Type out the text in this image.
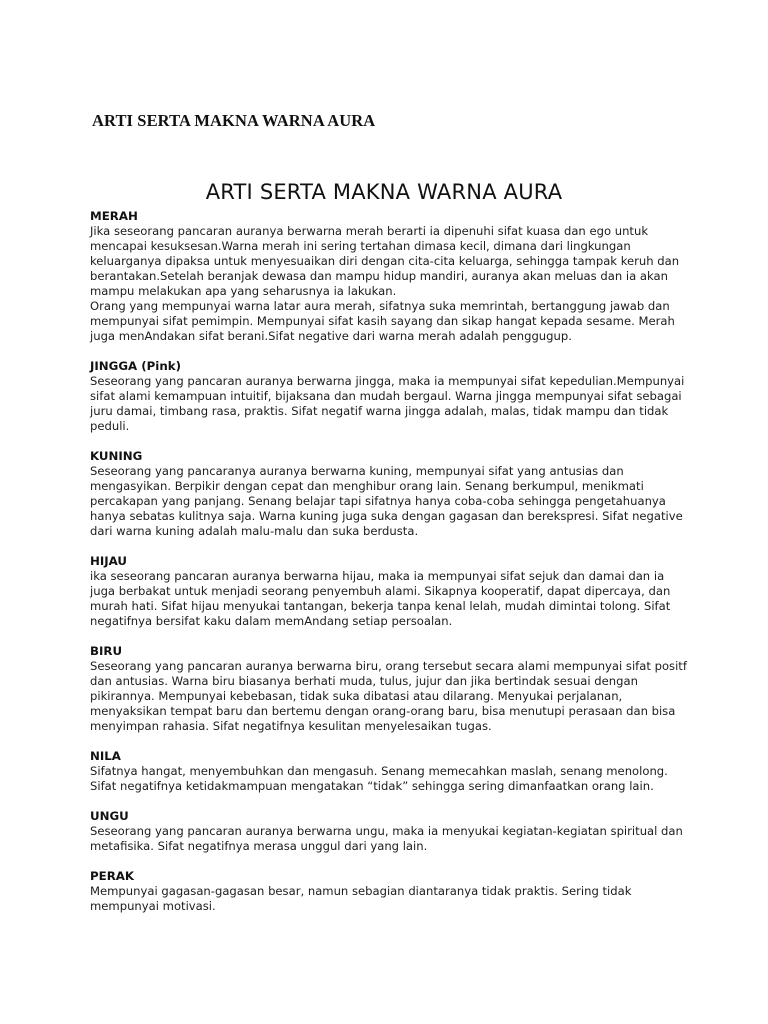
ARTI SERTA MAKNA WARNA AURA
ARTI SERTA MAKNA WARNA AURA

MERAH

Jika seseorang pancaran auranya berwarna merah berarti ia dipenuhi sifat kuasa dan ego untuk mencapai kesuksesan.Warna merah ini sering tertahan dimasa kecil, dimana dari lingkungan keluarganya dipaksa untuk menyesuaikan diri dengan cita-cita keluarga, sehingga tampak keruh dan berantakan.Setelah beranjak dewasa dan mampu hidup mandiri, auranya akan meluas dan ia akan mampu melakukan apa yang seharusnya ia lakukan.

Orang yang mempunyai warna latar aura merah, sifatnya suka memrintah, bertanggung jawab dan mempunyai sifat pemimpin. Mempunyai sifat kasih sayang dan sikap hangat kepada sesame. Merah juga menAndakan sifat berani.Sifat negative dari warna merah adalah penggugup.

JINGGA (Pink)

Seseorang yang pancaran auranya berwarna jingga, maka ia mempunyai sifat kepedulian.Mempunyai sifat alami kemampuan intuitif, bijaksana dan mudah bergaul. Warna jingga mempunyai sifat sebagai juru damai, timbang rasa, praktis. Sifat negatif warna jingga adalah, malas, tidak mampu dan tidak peduli.

KUNING

Seseorang yang pancaranya auranya berwarna kuning, mempunyai sifat yang antusias dan mengasyikan. Berpikir dengan cepat dan menghibur orang lain. Senang berkumpul, menikmati percakapan yang panjang. Senang belajar tapi sifatnya hanya coba-coba sehingga pengetahuanya hanya sebatas kulitnya saja. Warna kuning juga suka dengan gagasan dan berekspresi. Sifat negative dari warna kuning adalah malu-malu dan suka berdusta.

HIJAU

ika seseorang pancaran auranya berwarna hijau, maka ia mempunyai sifat sejuk dan damai dan ia juga berbakat untuk menjadi seorang penyembuh alami. Sikapnya kooperatif, dapat dipercaya, dan murah hati. Sifat hijau menyukai tantangan, bekerja tanpa kenal lelah, mudah dimintai tolong. Sifat negatifnya bersifat kaku dalam memAndang setiap persoalan.

BIRU

Seseorang yang pancaran auranya berwarna biru, orang tersebut secara alami mempunyai sifat positf dan antusias. Warna biru biasanya berhati muda, tulus, jujur dan jika bertindak sesuai dengan pikirannya. Mempunyai kebebasan, tidak suka dibatasi atau dilarang. Menyukai perjalanan, menyaksikan tempat baru dan bertemu dengan orang-orang baru, bisa menutupi perasaan dan bisa menyimpan rahasia. Sifat negatifnya kesulitan menyelesaikan tugas.

NILA

Sifatnya hangat, menyembuhkan dan mengasuh. Senang memecahkan maslah, senang menolong. Sifat negatifnya ketidakmampuan mengatakan “tidak” sehingga sering dimanfaatkan orang lain.

UNGU

Seseorang yang pancaran auranya berwarna ungu, maka ia menyukai kegiatan-kegiatan spiritual dan metafisika. Sifat negatifnya merasa unggul dari yang lain.

PERAK

Mempunyai gagasan-gagasan besar, namun sebagian diantaranya tidak praktis. Sering tidak mempunyai motivasi.
